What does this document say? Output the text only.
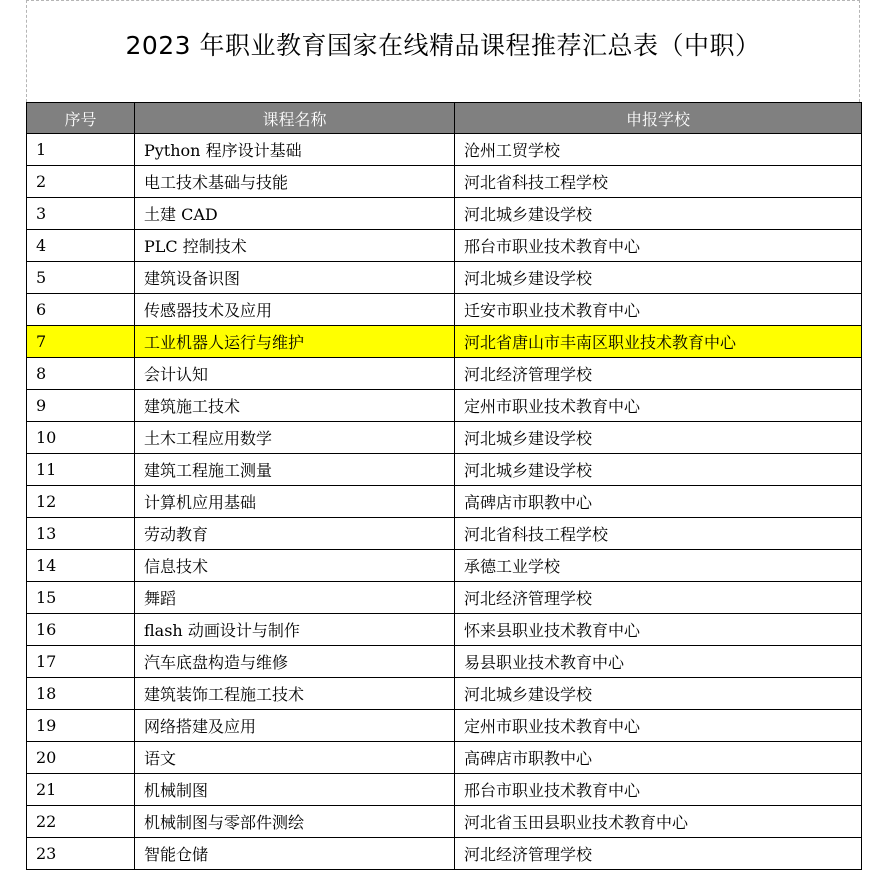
2023 年职业教育国家在线精品课程推荐汇总表（中职）
序号	课程名称	申报学校
1	Python 程序设计基础	沧州工贸学校
2	电工技术基础与技能	河北省科技工程学校
3	土建 CAD	河北城乡建设学校
4	PLC 控制技术	邢台市职业技术教育中心
5	建筑设备识图	河北城乡建设学校
6	传感器技术及应用	迁安市职业技术教育中心
7	工业机器人运行与维护	河北省唐山市丰南区职业技术教育中心
8	会计认知	河北经济管理学校
9	建筑施工技术	定州市职业技术教育中心
10	土木工程应用数学	河北城乡建设学校
11	建筑工程施工测量	河北城乡建设学校
12	计算机应用基础	高碑店市职教中心
13	劳动教育	河北省科技工程学校
14	信息技术	承德工业学校
15	舞蹈	河北经济管理学校
16	flash 动画设计与制作	怀来县职业技术教育中心
17	汽车底盘构造与维修	易县职业技术教育中心
18	建筑装饰工程施工技术	河北城乡建设学校
19	网络搭建及应用	定州市职业技术教育中心
20	语文	高碑店市职教中心
21	机械制图	邢台市职业技术教育中心
22	机械制图与零部件测绘	河北省玉田县职业技术教育中心
23	智能仓储	河北经济管理学校
